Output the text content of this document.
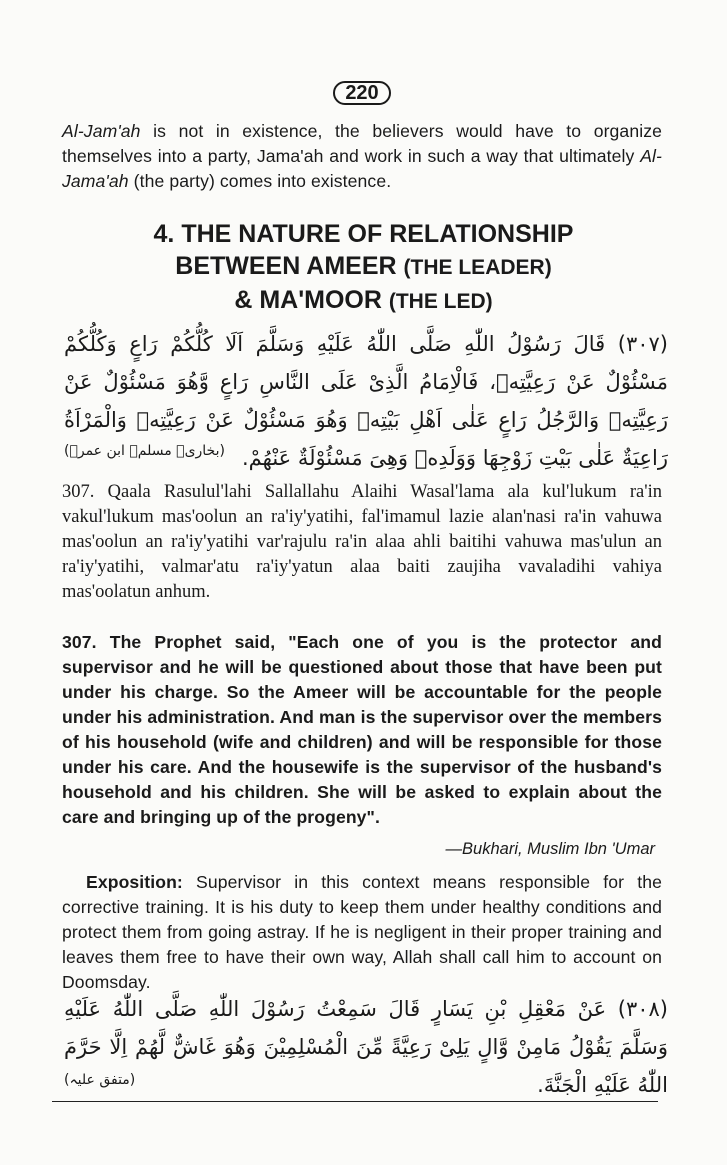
220
Al-Jam'ah is not in existence, the believers would have to organize themselves into a party, Jama'ah and work in such a way that ultimately Al-Jama'ah (the party) comes into existence.
4. THE NATURE OF RELATIONSHIP
BETWEEN AMEER (THE LEADER)
& MA'MOOR (THE LED)
(٣٠٧) قَالَ رَسُوْلُ اللّٰهِ صَلَّى اللّٰهُ عَلَيْهِ وَسَلَّمَ اَلَا كُلُّكُمْ رَاعٍ وَكُلُّكُمْ مَسْئُوْلٌ عَنْ رَعِيَّتِهٖ، فَالْاِمَامُ الَّذِىْ عَلَى النَّاسِ رَاعٍ وَّهُوَ مَسْئُوْلٌ عَنْ رَعِيَّتِهٖ وَالرَّجُلُ رَاعٍ عَلٰى اَهْلِ بَيْتِهٖ وَهُوَ مَسْئُوْلٌ عَنْ رَعِيَّتِهٖ وَالْمَرْاَةُ رَاعِيَةٌ عَلٰى بَيْتِ زَوْجِهَا وَوَلَدِهٖ وَهِىَ مَسْئُوْلَةٌ عَنْهُمْ.
(بخاری۔ مسلم۔ ابن عمرؓ)
307. Qaala Rasulul'lahi Sallallahu Alaihi Wasal'lama ala kul'lukum ra'in vakul'lukum mas'oolun an ra'iy'yatihi, fal'imamul lazie alan'nasi ra'in vahuwa mas'oolun an ra'iy'yatihi var'rajulu ra'in alaa ahli baitihi vahuwa mas'ulun an ra'iy'yatihi, valmar'atu ra'iy'yatun alaa baiti zaujiha vavaladihi vahiya mas'oolatun anhum.
307. The Prophet said, "Each one of you is the protector and supervisor and he will be questioned about those that have been put under his charge. So the Ameer will be accountable for the people under his administration. And man is the supervisor over the members of his household (wife and children) and will be responsible for those under his care. And the housewife is the supervisor of the husband's household and his children. She will be asked to explain about the care and bringing up of the progeny".
—Bukhari, Muslim Ibn 'Umar
Exposition: Supervisor in this context means responsible for the corrective training. It is his duty to keep them under healthy conditions and protect them from going astray. If he is negligent in their proper training and leaves them free to have their own way, Allah shall call him to account on Doomsday.
(٣٠٨) عَنْ مَعْقِلِ بْنِ يَسَارٍ قَالَ سَمِعْتُ رَسُوْلَ اللّٰهِ صَلَّى اللّٰهُ عَلَيْهِ وَسَلَّمَ يَقُوْلُ مَامِنْ وَّالٍ يَلِىْ رَعِيَّةً مِّنَ الْمُسْلِمِيْنَ وَهُوَ غَاشٌّ لَّهُمْ اِلَّا حَرَّمَ اللّٰهُ عَلَيْهِ الْجَنَّةَ.
(متفق علیہ)
